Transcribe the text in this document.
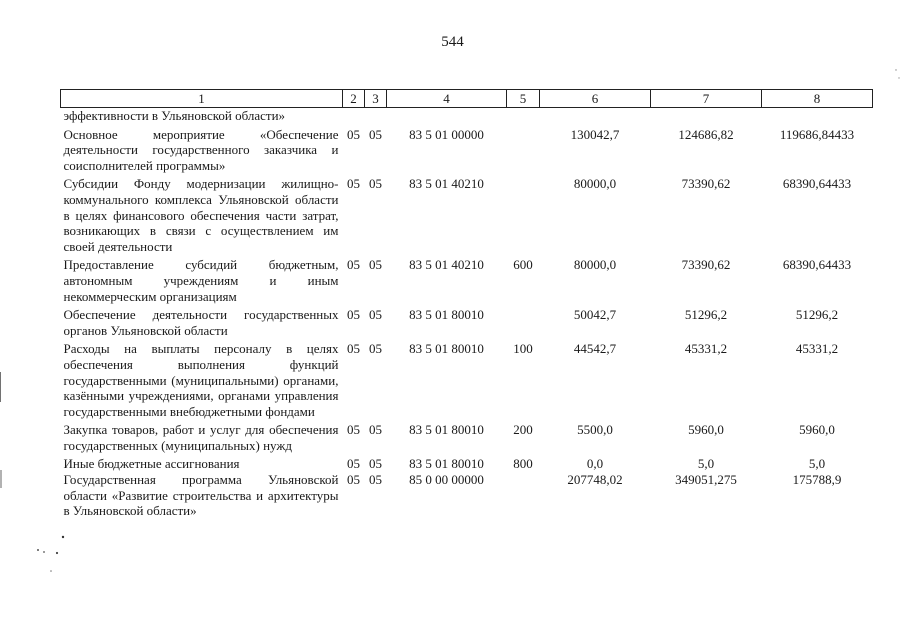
544
1	2	3	4	5	6	7	8
эффективности в Ульяновской области»							

Основное мероприятие «Обеспечение деятельности государственного заказчика и соисполнителей программы»	05	05	83 5 01 00000		130042,7	124686,82	119686,84433

Субсидии Фонду модернизации жилищно-коммунального комплекса Ульяновской области в целях финансового обеспечения части затрат, возникающих в связи с осуществлением им своей деятельности	05	05	83 5 01 40210		80000,0	73390,62	68390,64433

Предоставление субсидий бюджетным, автономным учреждениям и иным некоммерческим организациям	05	05	83 5 01 40210	600	80000,0	73390,62	68390,64433

Обеспечение деятельности государственных органов Ульяновской области	05	05	83 5 01 80010		50042,7	51296,2	51296,2

Расходы на выплаты персоналу в целях обеспечения выполнения функций государственными (муниципальными) органами, казёнными учреждениями, органами управления государственными внебюджетными фондами	05	05	83 5 01 80010	100	44542,7	45331,2	45331,2

Закупка товаров, работ и услуг для обеспечения государственных (муниципальных) нужд	05	05	83 5 01 80010	200	5500,0	5960,0	5960,0

Иные бюджетные ассигнования	05	05	83 5 01 80010	800	0,0	5,0	5,0
Государственная программа Ульяновской области «Развитие строительства и архитектуры в Ульяновской области»	05	05	85 0 00 00000		207748,02	349051,275	175788,9
